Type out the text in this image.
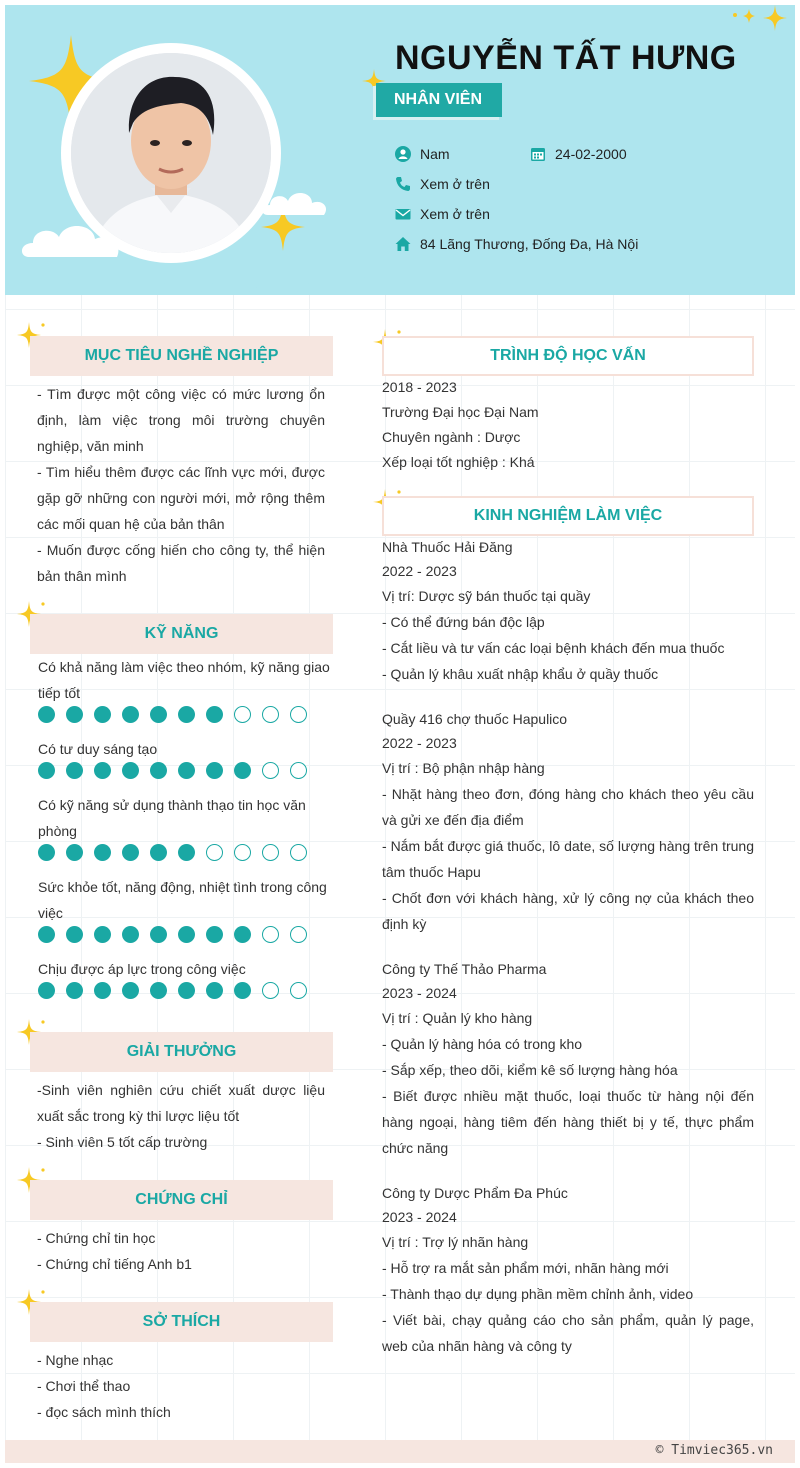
NGUYỄN TẤT HƯNG
NHÂN VIÊN
Nam	24-02-2000
Xem ở trên
Xem ở trên
84 Lãng Thương, Đống Đa, Hà Nội
MỤC TIÊU NGHỀ NGHIỆP
- Tìm được một công việc có mức lương ổn định, làm việc trong môi trường chuyên nghiệp, văn minh
- Tìm hiểu thêm được các lĩnh vực mới, được gặp gỡ những con người mới, mở rộng thêm các mối quan hệ của bản thân
- Muốn được cống hiến cho công ty, thể hiện bản thân mình
KỸ NĂNG
Có khả năng làm việc theo nhóm, kỹ năng giao tiếp tốt
Có tư duy sáng tạo
Có kỹ năng sử dụng thành thạo tin học văn phòng
Sức khỏe tốt, năng động, nhiệt tình trong công việc
Chịu được áp lực trong công việc
GIẢI THƯỞNG
-Sinh viên nghiên cứu chiết xuất dược liệu xuất sắc trong kỳ thi lược liệu tốt
- Sinh viên 5 tốt cấp trường
CHỨNG CHỈ
- Chứng chỉ tin học
- Chứng chỉ tiếng Anh b1
SỞ THÍCH
- Nghe nhạc
- Chơi thể thao
- đọc sách mình thích
TRÌNH ĐỘ HỌC VẤN
2018 - 2023
Trường Đại học Đại Nam
Chuyên ngành : Dược
Xếp loại tốt nghiệp : Khá
KINH NGHIỆM LÀM VIỆC
Nhà Thuốc Hải Đăng
2022 - 2023
Vị trí: Dược sỹ bán thuốc tại quầy
- Có thể đứng bán độc lập
- Cắt liều và tư vấn các loại bệnh khách đến mua thuốc
- Quản lý khâu xuất nhập khẩu ở quầy thuốc
Quầy 416 chợ thuốc Hapulico
2022 - 2023
Vị trí : Bộ phận nhập hàng
- Nhặt hàng theo đơn, đóng hàng cho khách theo yêu cầu và gửi xe đến địa điểm
- Nắm bắt được giá thuốc, lô date, số lượng hàng trên trung tâm thuốc Hapu
- Chốt đơn với khách hàng, xử lý công nợ của khách theo định kỳ
Công ty Thế Thảo Pharma
2023 - 2024
Vị trí : Quản lý kho hàng
- Quản lý hàng hóa có trong kho
- Sắp xếp, theo dõi, kiểm kê số lượng hàng hóa
- Biết được nhiều mặt thuốc, loại thuốc từ hàng nội đến hàng ngoại, hàng tiêm đến hàng thiết bị y tế, thực phẩm chức năng
Công ty Dược Phẩm Đa Phúc
2023 - 2024
Vị trí : Trợ lý nhãn hàng
- Hỗ trợ ra mắt sản phẩm mới, nhãn hàng mới
- Thành thạo dự dụng phần mềm chỉnh ảnh, video
- Viết bài, chạy quảng cáo cho sản phẩm, quản lý page, web của nhãn hàng và công ty
© Timviec365.vn
